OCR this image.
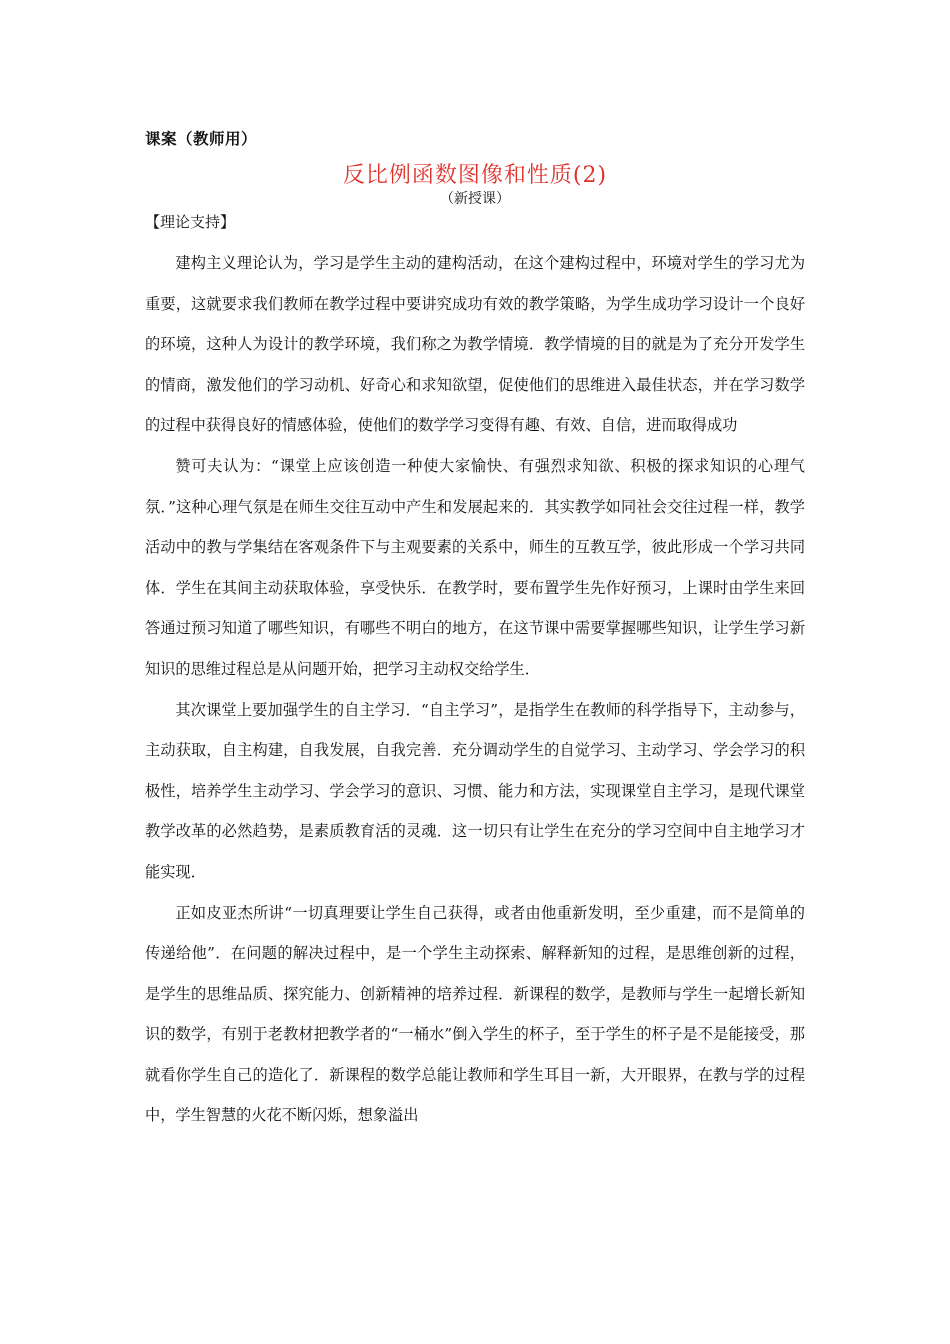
课案（教师用）
反比例函数图像和性质(2)
（新授课）
【理论支持】

建构主义理论认为，学习是学生主动的建构活动，在这个建构过程中，环境对学生的学习尤为重要，这就要求我们教师在教学过程中要讲究成功有效的教学策略，为学生成功学习设计一个良好的环境，这种人为设计的教学环境，我们称之为教学情境．教学情境的目的就是为了充分开发学生的情商，激发他们的学习动机、好奇心和求知欲望，促使他们的思维进入最佳状态，并在学习数学的过程中获得良好的情感体验，使他们的数学学习变得有趣、有效、自信，进而取得成功

赞可夫认为：“课堂上应该创造一种使大家愉快、有强烈求知欲、积极的探求知识的心理气氛．”这种心理气氛是在师生交往互动中产生和发展起来的．其实教学如同社会交往过程一样，教学活动中的教与学集结在客观条件下与主观要素的关系中，师生的互教互学，彼此形成一个学习共同体．学生在其间主动获取体验，享受快乐．在教学时，要布置学生先作好预习，上课时由学生来回答通过预习知道了哪些知识，有哪些不明白的地方，在这节课中需要掌握哪些知识，让学生学习新知识的思维过程总是从问题开始，把学习主动权交给学生．

其次课堂上要加强学生的自主学习．“自主学习”，是指学生在教师的科学指导下，主动参与，主动获取，自主构建，自我发展，自我完善．充分调动学生的自觉学习、主动学习、学会学习的积极性，培养学生主动学习、学会学习的意识、习惯、能力和方法，实现课堂自主学习，是现代课堂教学改革的必然趋势，是素质教育活的灵魂．这一切只有让学生在充分的学习空间中自主地学习才能实现．

正如皮亚杰所讲“一切真理要让学生自己获得，或者由他重新发明，至少重建，而不是简单的传递给他”．在问题的解决过程中，是一个学生主动探索、解释新知的过程，是思维创新的过程，是学生的思维品质、探究能力、创新精神的培养过程．新课程的数学，是教师与学生一起增长新知识的数学，有别于老教材把教学者的“一桶水”倒入学生的杯子，至于学生的杯子是不是能接受，那就看你学生自己的造化了．新课程的数学总能让教师和学生耳目一新，大开眼界，在教与学的过程中，学生智慧的火花不断闪烁，想象溢出
